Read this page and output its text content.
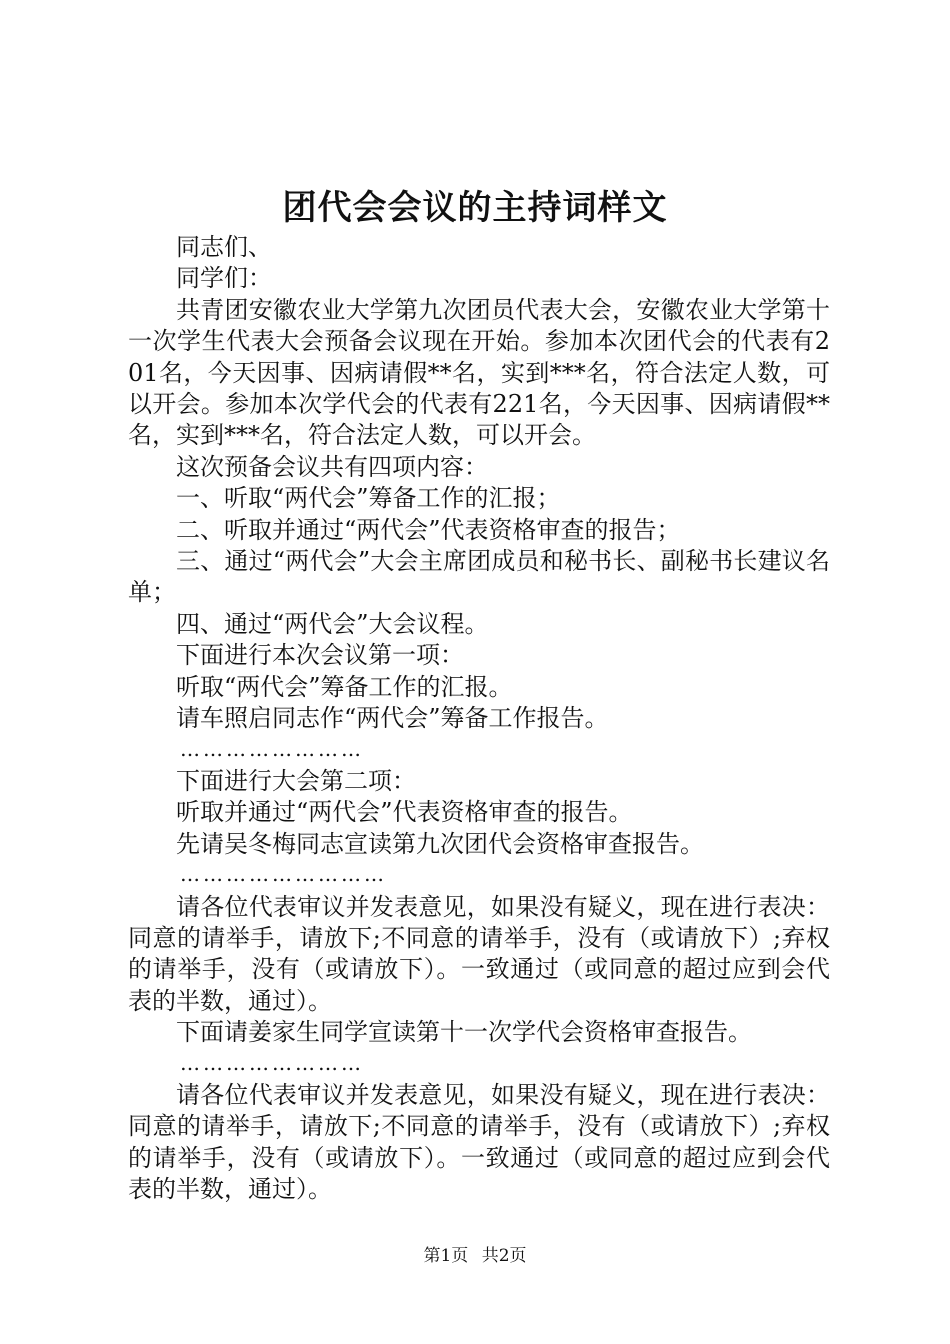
团代会会议的主持词样文

同志们、

同学们：

共青团安徽农业大学第九次团员代表大会，安徽农业大学第十一次学生代表大会预备会议现在开始。参加本次团代会的代表有201名，今天因事、因病请假**名，实到***名，符合法定人数，可以开会。参加本次学代会的代表有221名，今天因事、因病请假**名，实到***名，符合法定人数，可以开会。

这次预备会议共有四项内容：

一、听取“两代会”筹备工作的汇报；

二、听取并通过“两代会”代表资格审查的报告；

三、通过“两代会”大会主席团成员和秘书长、副秘书长建议名单；

四、通过“两代会”大会议程。

下面进行本次会议第一项：

听取“两代会”筹备工作的汇报。

请车照启同志作“两代会”筹备工作报告。

……………………

下面进行大会第二项：

听取并通过“两代会”代表资格审查的报告。

先请吴冬梅同志宣读第九次团代会资格审查报告。

………………………

请各位代表审议并发表意见，如果没有疑义，现在进行表决：同意的请举手，请放下;不同意的请举手，没有（或请放下）;弃权的请举手，没有（或请放下）。一致通过（或同意的超过应到会代表的半数，通过）。

下面请姜家生同学宣读第十一次学代会资格审查报告。

……………………

请各位代表审议并发表意见，如果没有疑义，现在进行表决：同意的请举手，请放下;不同意的请举手，没有（或请放下）;弃权的请举手，没有（或请放下）。一致通过（或同意的超过应到会代表的半数，通过）。

第1页 共2页
